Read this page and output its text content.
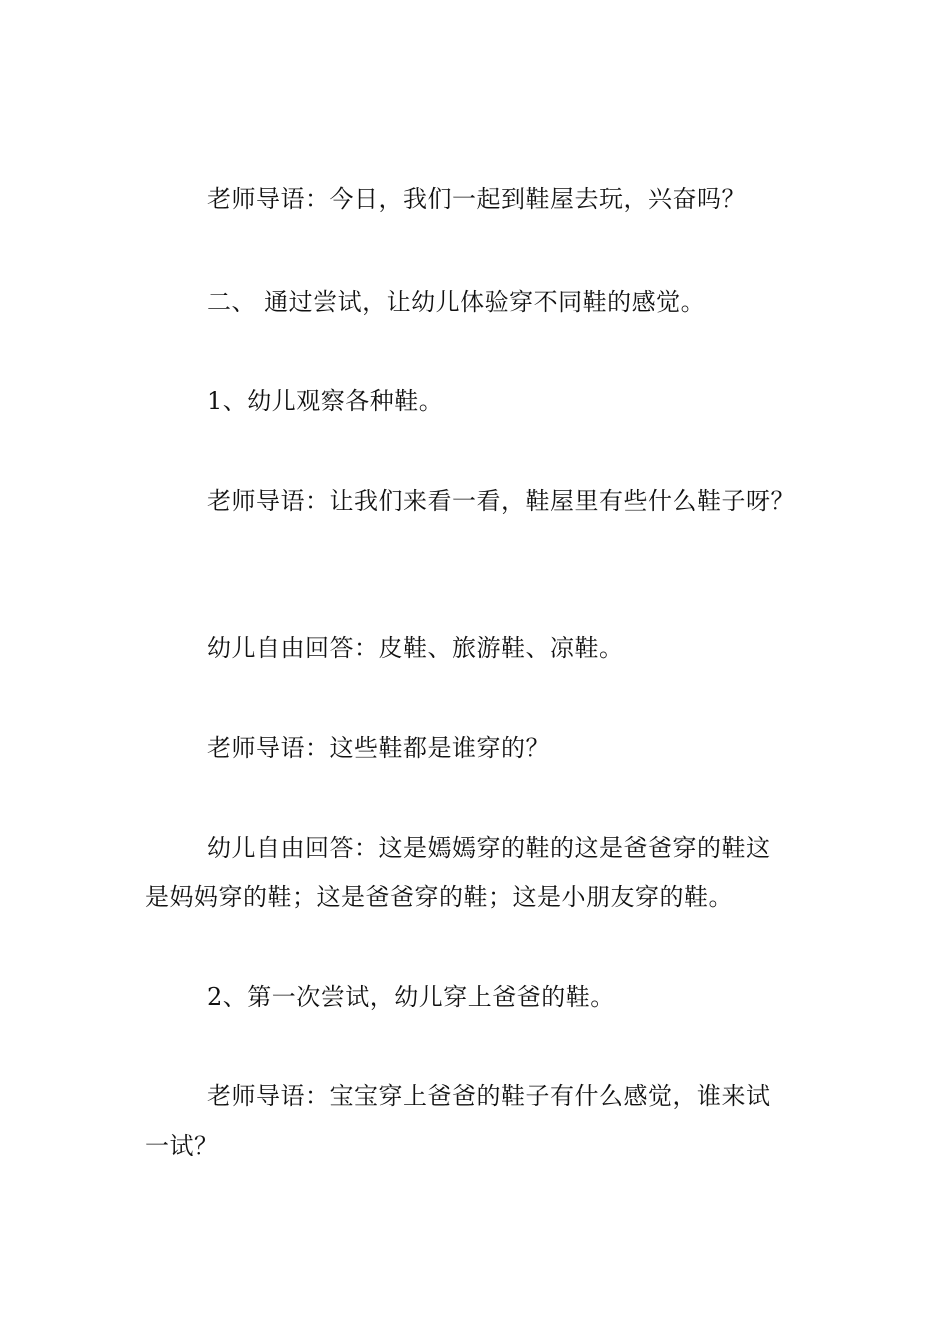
老师导语：今日，我们一起到鞋屋去玩，兴奋吗？
二、 通过尝试，让幼儿体验穿不同鞋的感觉。
1、幼儿观察各种鞋。
老师导语：让我们来看一看，鞋屋里有些什么鞋子呀？
幼儿自由回答：皮鞋、旅游鞋、凉鞋。
老师导语：这些鞋都是谁穿的？
幼儿自由回答：这是嫣嫣穿的鞋的这是爸爸穿的鞋这
是妈妈穿的鞋；这是爸爸穿的鞋；这是小朋友穿的鞋。
2、第一次尝试，幼儿穿上爸爸的鞋。
老师导语：宝宝穿上爸爸的鞋子有什么感觉，谁来试
一试？
